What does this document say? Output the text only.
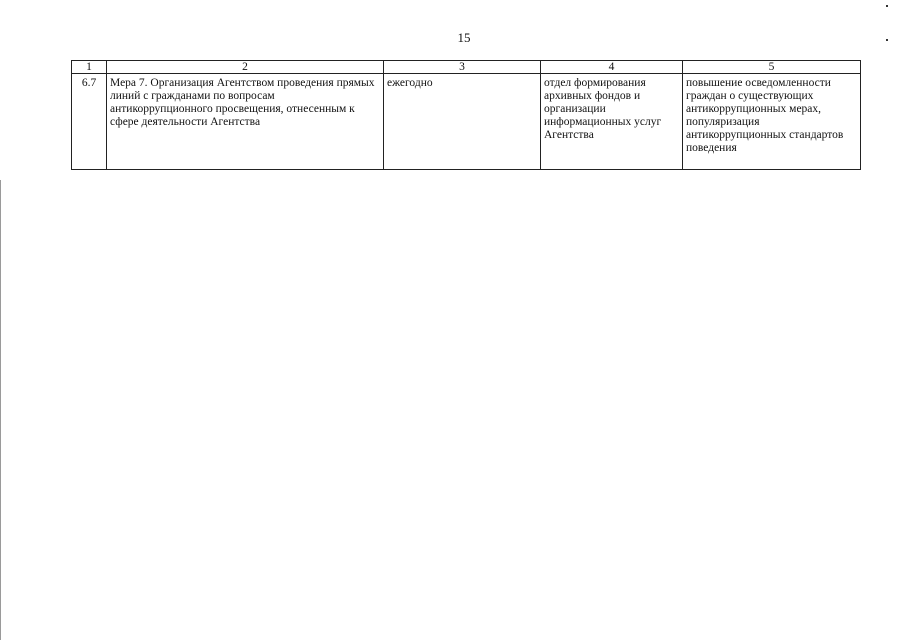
15
1	2	3	4	5
6.7	Мера 7. Организация Агентством проведения прямых линий с гражданами по вопросам антикоррупционного просвещения, отнесенным к сфере деятельности Агентства	ежегодно	отдел формирования архивных фондов и организации информационных услуг Агентства	повышение осведомленности граждан о существующих антикоррупционных мерах, популяризация антикоррупционных стандартов поведения
